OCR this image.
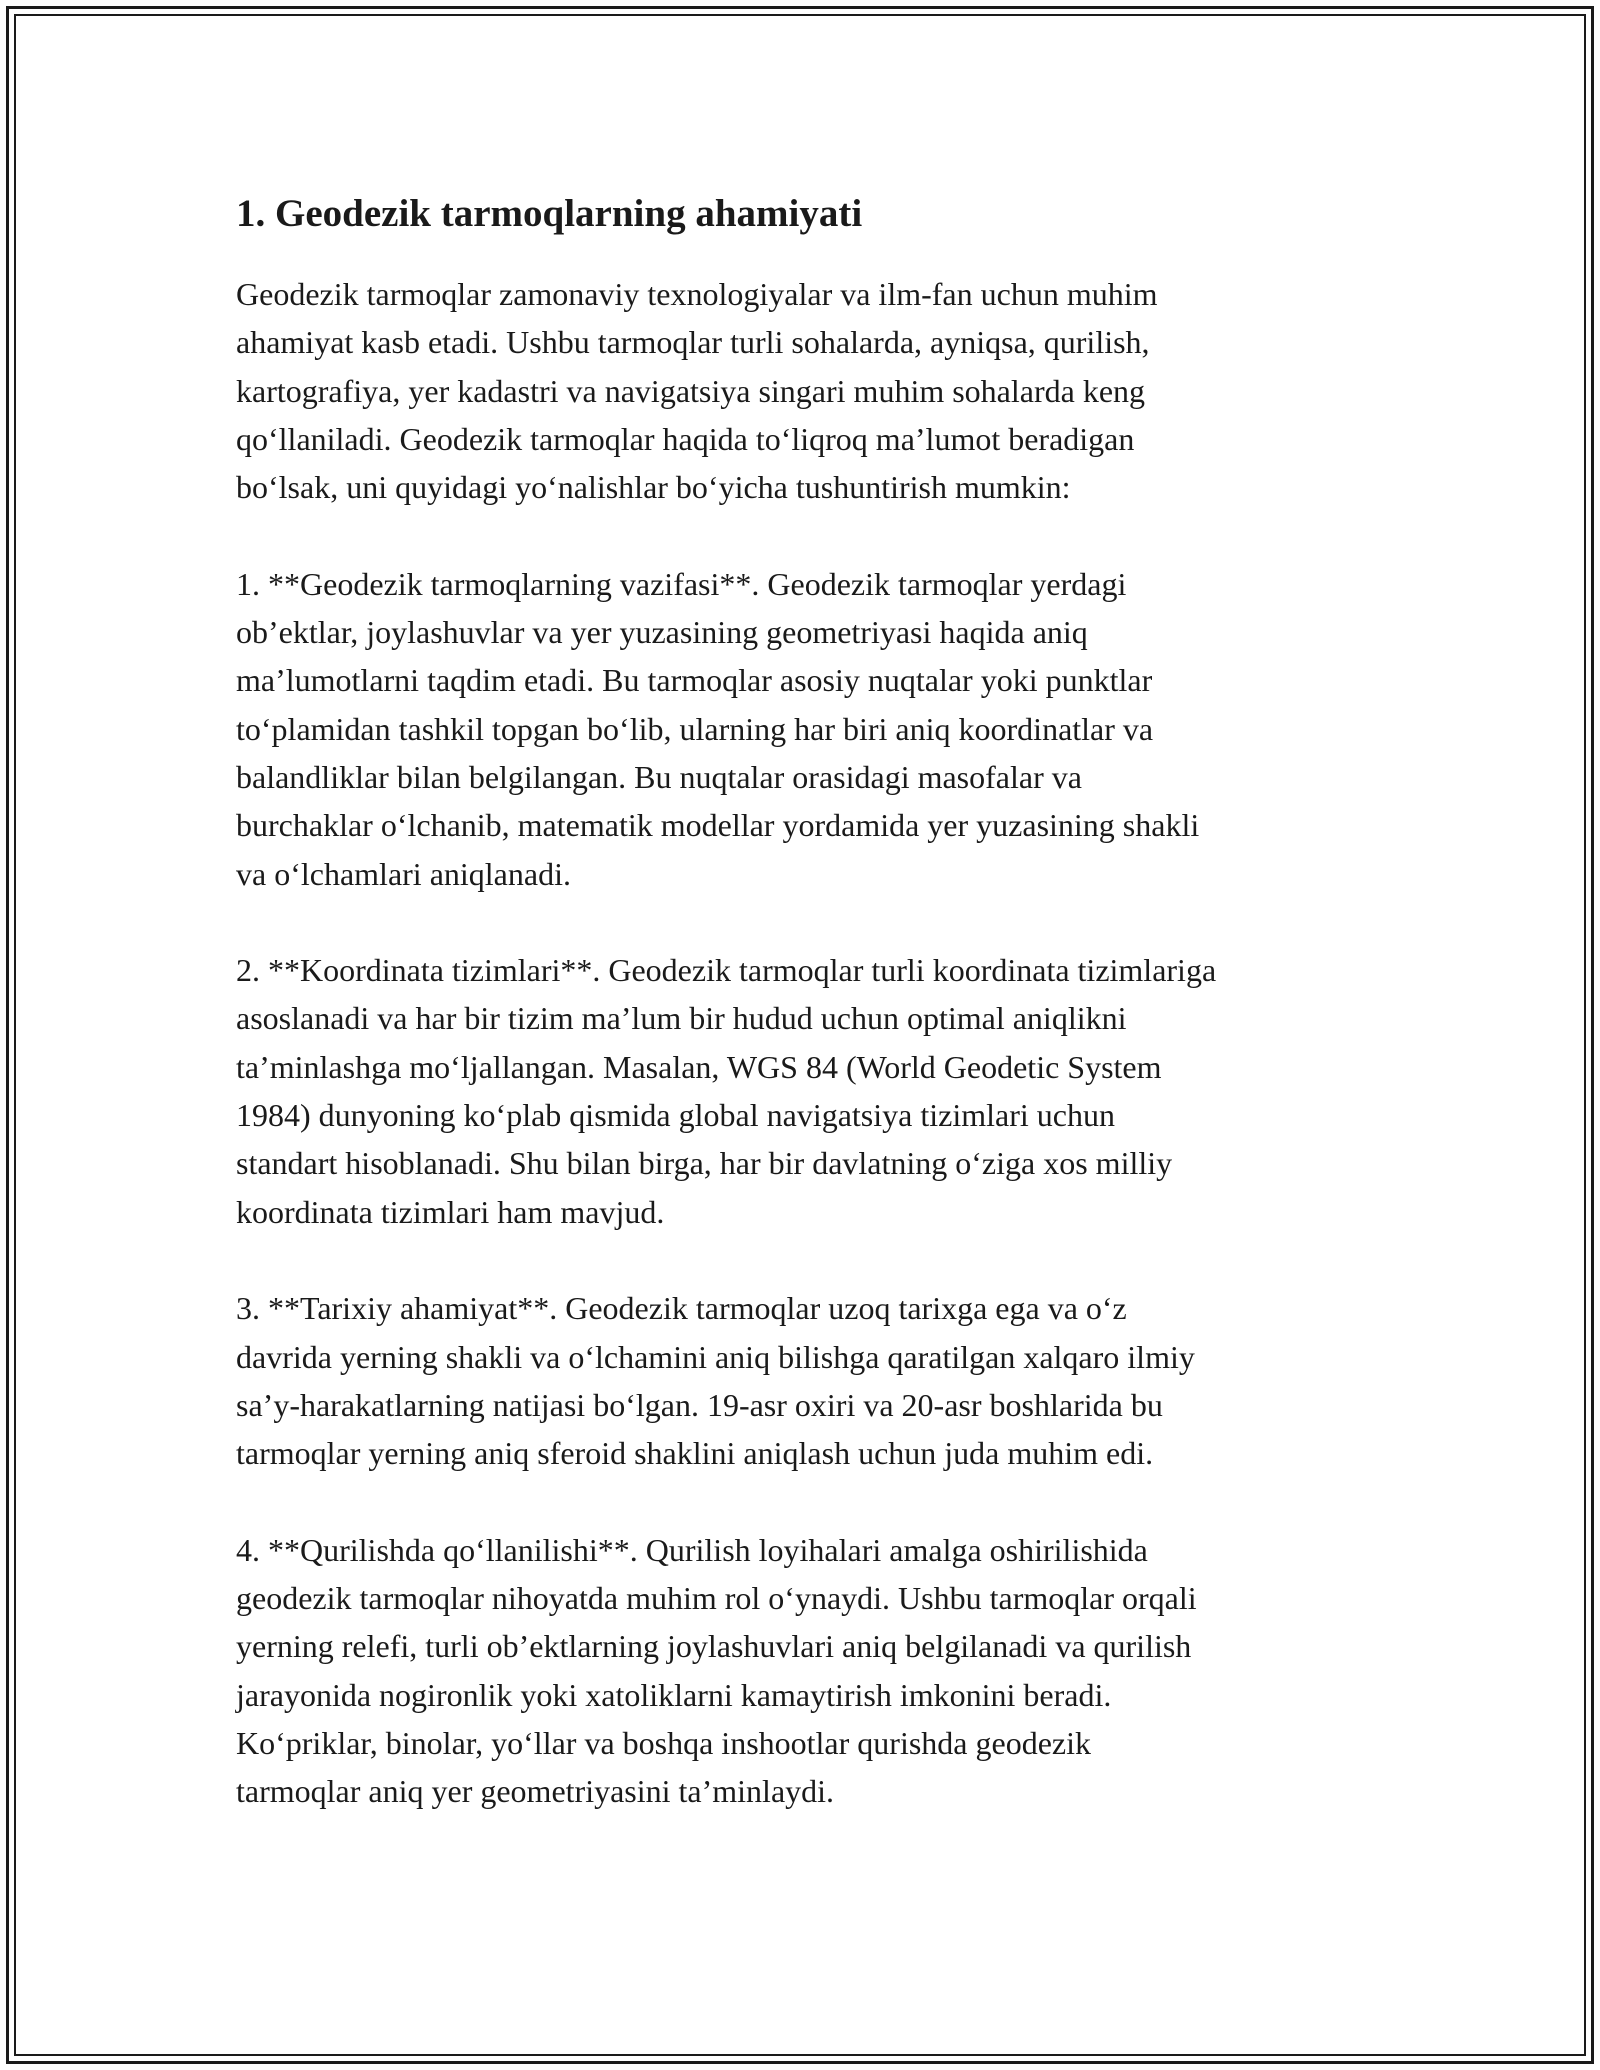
1. Geodezik tarmoqlarning ahamiyati

Geodezik tarmoqlar zamonaviy texnologiyalar va ilm-fan uchun muhim
ahamiyat kasb etadi. Ushbu tarmoqlar turli sohalarda, ayniqsa, qurilish,
kartografiya, yer kadastri va navigatsiya singari muhim sohalarda keng
qo‘llaniladi. Geodezik tarmoqlar haqida to‘liqroq ma’lumot beradigan
bo‘lsak, uni quyidagi yo‘nalishlar bo‘yicha tushuntirish mumkin:

1. **Geodezik tarmoqlarning vazifasi**. Geodezik tarmoqlar yerdagi
ob’ektlar, joylashuvlar va yer yuzasining geometriyasi haqida aniq
ma’lumotlarni taqdim etadi. Bu tarmoqlar asosiy nuqtalar yoki punktlar
to‘plamidan tashkil topgan bo‘lib, ularning har biri aniq koordinatlar va
balandliklar bilan belgilangan. Bu nuqtalar orasidagi masofalar va
burchaklar o‘lchanib, matematik modellar yordamida yer yuzasining shakli
va o‘lchamlari aniqlanadi.

2. **Koordinata tizimlari**. Geodezik tarmoqlar turli koordinata tizimlariga
asoslanadi va har bir tizim ma’lum bir hudud uchun optimal aniqlikni
ta’minlashga mo‘ljallangan. Masalan, WGS 84 (World Geodetic System
1984) dunyoning ko‘plab qismida global navigatsiya tizimlari uchun
standart hisoblanadi. Shu bilan birga, har bir davlatning o‘ziga xos milliy
koordinata tizimlari ham mavjud.

3. **Tarixiy ahamiyat**. Geodezik tarmoqlar uzoq tarixga ega va o‘z
davrida yerning shakli va o‘lchamini aniq bilishga qaratilgan xalqaro ilmiy
sa’y-harakatlarning natijasi bo‘lgan. 19-asr oxiri va 20-asr boshlarida bu
tarmoqlar yerning aniq sferoid shaklini aniqlash uchun juda muhim edi.

4. **Qurilishda qo‘llanilishi**. Qurilish loyihalari amalga oshirilishida
geodezik tarmoqlar nihoyatda muhim rol o‘ynaydi. Ushbu tarmoqlar orqali
yerning relefi, turli ob’ektlarning joylashuvlari aniq belgilanadi va qurilish
jarayonida nogironlik yoki xatoliklarni kamaytirish imkonini beradi.
Ko‘priklar, binolar, yo‘llar va boshqa inshootlar qurishda geodezik
tarmoqlar aniq yer geometriyasini ta’minlaydi.
